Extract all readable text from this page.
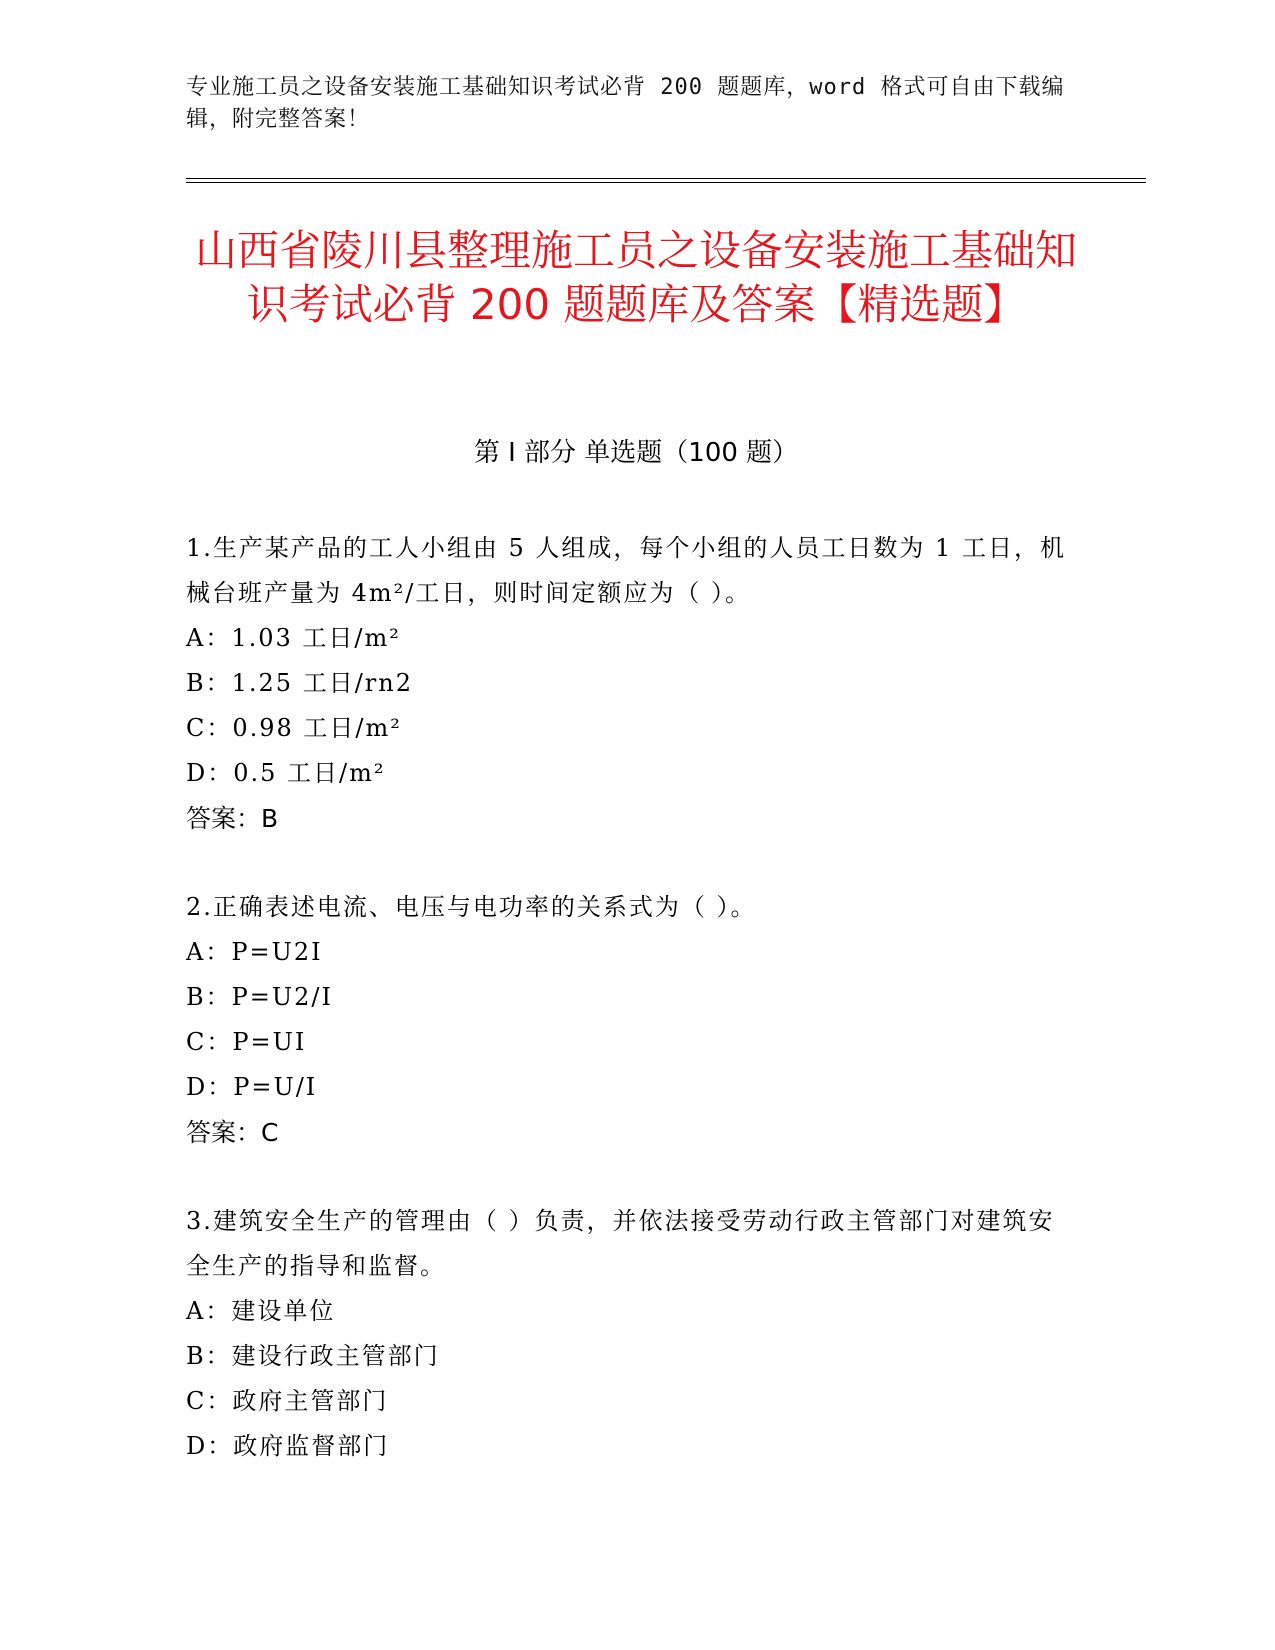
专业施工员之设备安装施工基础知识考试必背 200 题题库，word 格式可自由下载编辑，附完整答案！
山西省陵川县整理施工员之设备安装施工基础知识考试必背 200 题题库及答案【精选题】
第 I 部分 单选题（100 题）

1.生产某产品的工人小组由 5 人组成，每个小组的人员工日数为 1 工日，机械台班产量为 4m²/工日，则时间定额应为（ ）。

A：1.03 工日/m²

B：1.25 工日/rn2

C：0.98 工日/m²

D：0.5 工日/m²

答案：B

2.正确表述电流、电压与电功率的关系式为（ ）。

A：P=U2I

B：P=U2/I

C：P=UI

D：P=U/I

答案：C

3.建筑安全生产的管理由（ ）负责，并依法接受劳动行政主管部门对建筑安全生产的指导和监督。

A：建设单位

B：建设行政主管部门

C：政府主管部门

D：政府监督部门
